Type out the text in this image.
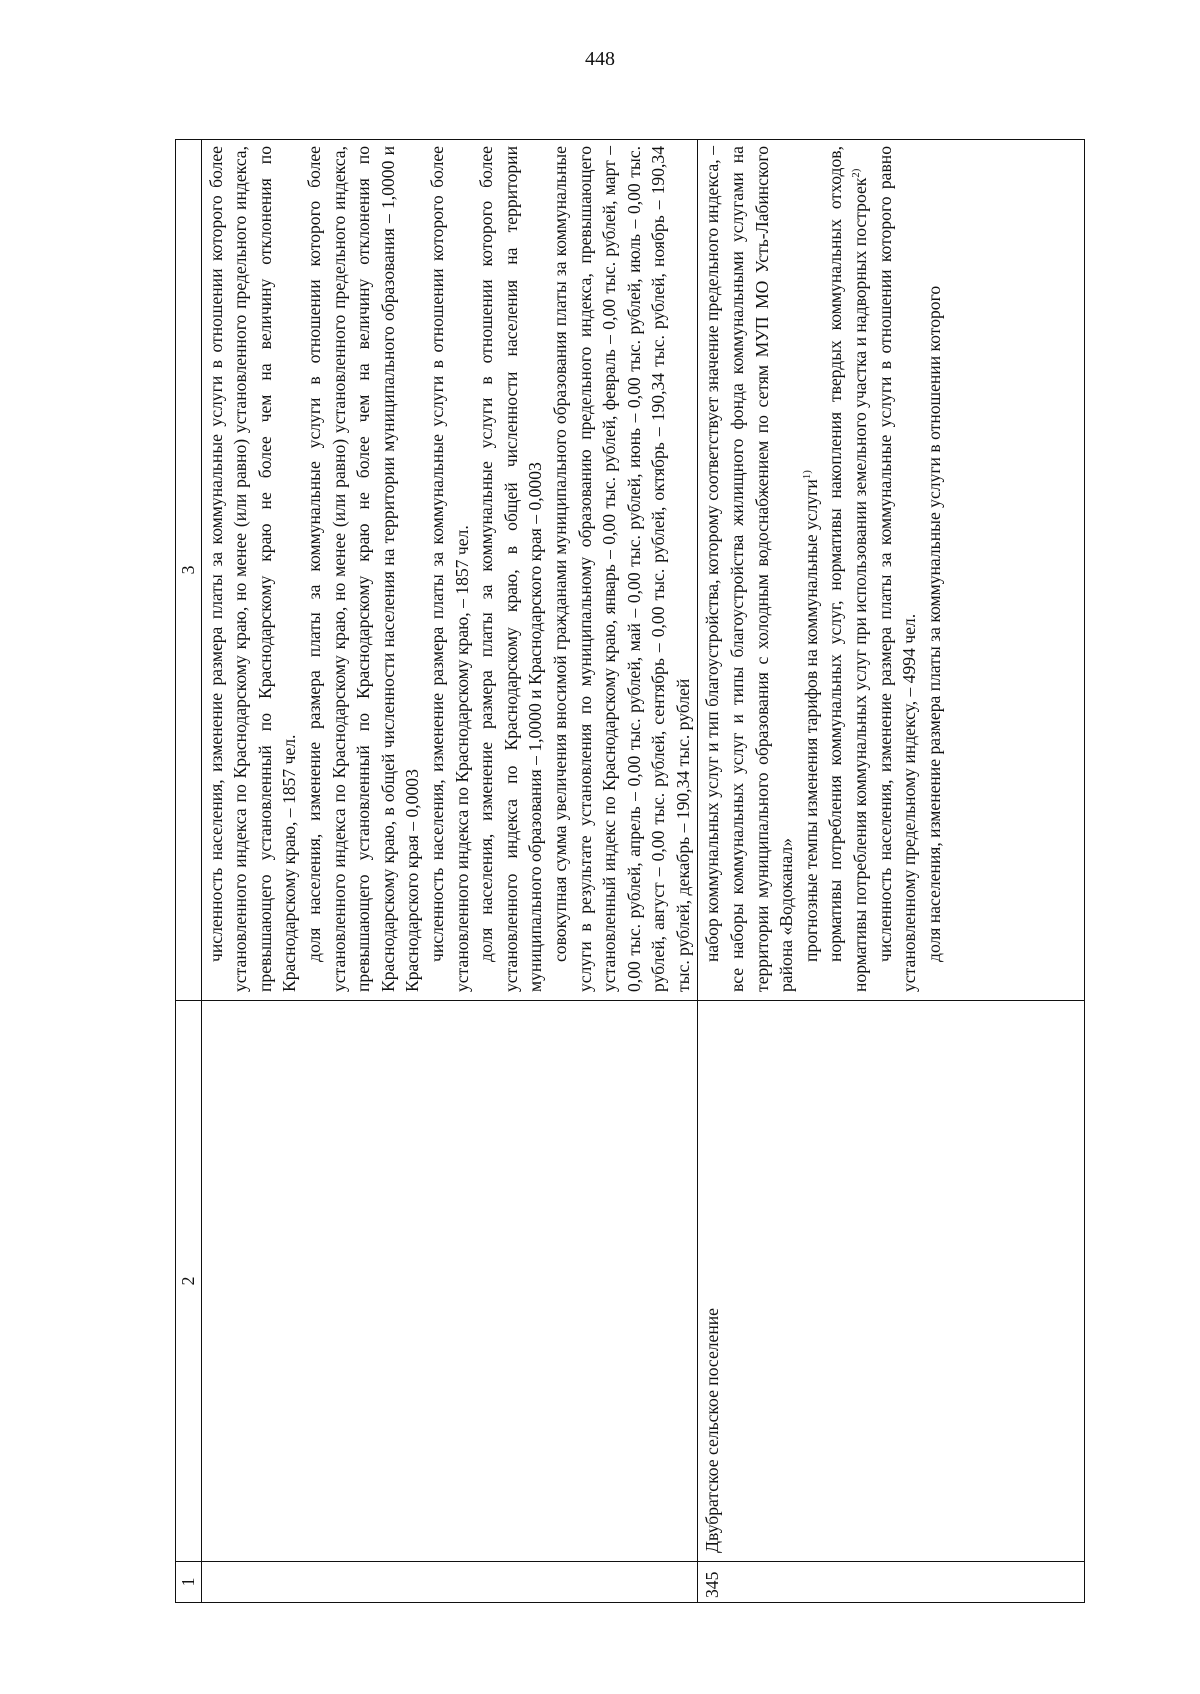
448
1	2	3

		численность населения, изменение размера платы за коммунальные услуги в отношении которого более установленного индекса по Краснодарскому краю, но менее (или равно) установленного предельного индекса, превышающего установленный по Краснодарскому краю не более чем на величину отклонения по Краснодарскому краю, – 1857 чел. доля населения, изменение размера платы за коммунальные услуги в отношении которого более установленного индекса по Краснодарскому краю, но менее (или равно) установленного предельного индекса, превышающего установленный по Краснодарскому краю не более чем на величину отклонения по Краснодарскому краю, в общей численности населения на территории муниципального образования – 1,0000 и Краснодарского края – 0,0003 численность населения, изменение размера платы за коммунальные услуги в отношении которого более установленного индекса по Краснодарскому краю, – 1857 чел. доля населения, изменение размера платы за коммунальные услуги в отношении которого более установленного индекса по Краснодарскому краю, в общей численности населения на территории муниципального образования – 1,0000 и Краснодарского края – 0,0003 совокупная сумма увеличения вносимой гражданами муниципального образования платы за коммунальные услуги в результате установления по муниципальному образованию предельного индекса, превышающего установленный индекс по Краснодарскому краю, январь – 0,00 тыс. рублей, февраль – 0,00 тыс. рублей, март – 0,00 тыс. рублей, апрель – 0,00 тыс. рублей, май – 0,00 тыс. рублей, июнь – 0,00 тыс. рублей, июль – 0,00 тыс. рублей, август – 0,00 тыс. рублей, сентябрь – 0,00 тыс. рублей, октябрь – 190,34 тыс. рублей, ноябрь – 190,34 тыс. рублей, декабрь – 190,34 тыс. рублей

345	Двубратское сельское поселение	набор коммунальных услуг и тип благоустройства, которому соответствует значение предельного индекса, – все наборы коммунальных услуг и типы благоустройства жилищного фонда коммунальными услугами на территории муниципального образования с холодным водоснабжением по сетям МУП МО Усть-Лабинского района «Водоканал» прогнозные темпы изменения тарифов на коммунальные услуги$^{1)}$ нормативы потребления коммунальных услуг, нормативы накопления твердых коммунальных отходов, нормативы потребления коммунальных услуг при использовании земельного участка и надворных построек$^{2)}$ численность населения, изменение размера платы за коммунальные услуги в отношении которого равно установленному предельному индексу, – 4994 чел. доля населения, изменение размера платы за коммунальные услуги в отношении которого
